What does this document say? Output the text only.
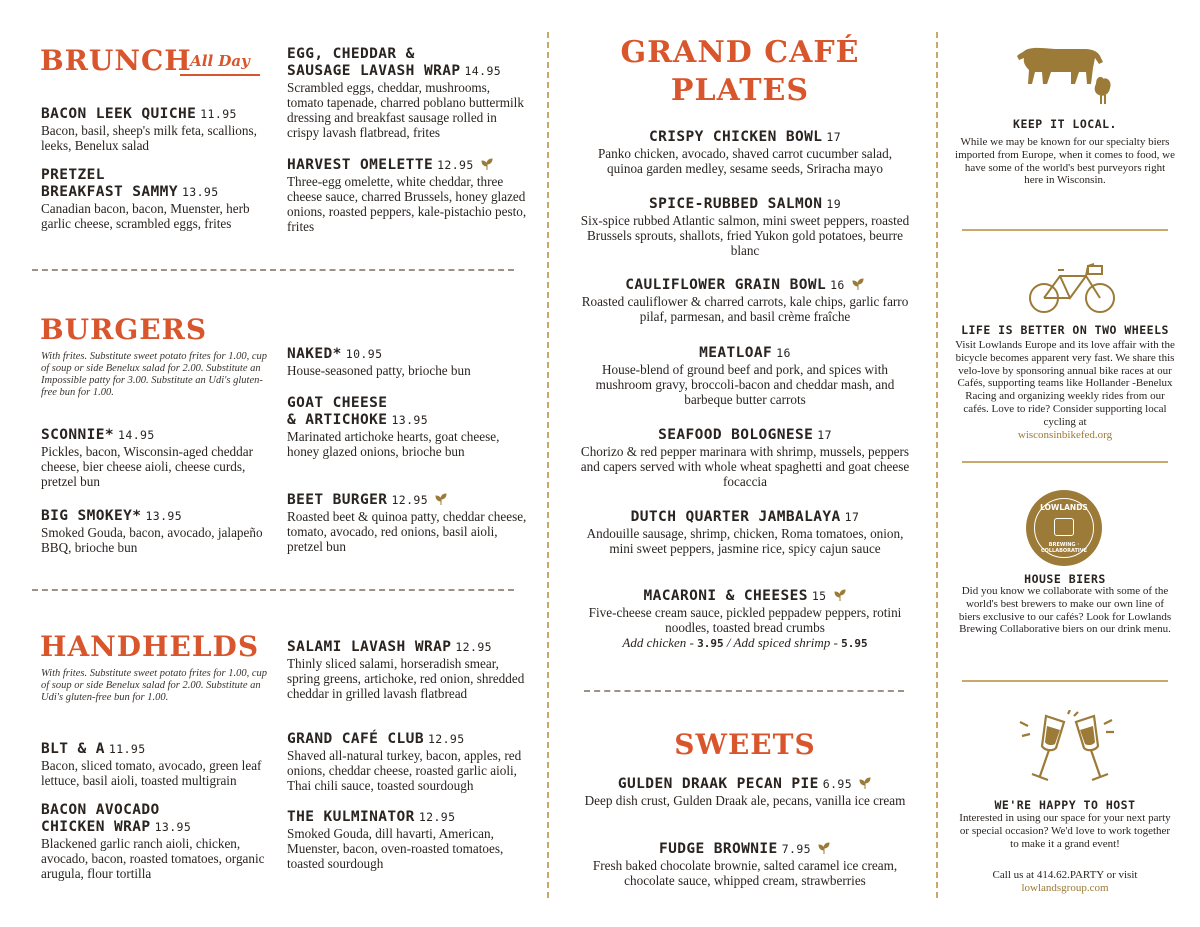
BRUNCH
All Day
BACON LEEK QUICHE 11.95
Bacon, basil, sheep's milk feta, scallions, leeks, Benelux salad
PRETZEL
BREAKFAST SAMMY 13.95
Canadian bacon, bacon, Muenster, herb garlic cheese, scrambled eggs, frites
EGG, CHEDDAR &
SAUSAGE LAVASH WRAP 14.95
Scrambled eggs, cheddar, mushrooms, tomato tapenade, charred poblano buttermilk dressing and breakfast sausage rolled in crispy lavash flatbread, frites
HARVEST OMELETTE 12.95
Three-egg omelette, white cheddar, three cheese sauce, charred Brussels, honey glazed onions, roasted peppers, kale-pistachio pesto, frites
BURGERS
With frites. Substitute sweet potato frites for 1.00, cup of soup or side Benelux salad for 2.00. Substitute an Impossible patty for 3.00. Substitute an Udi's gluten-free bun for 1.00.
SCONNIE* 14.95
Pickles, bacon, Wisconsin-aged cheddar cheese, bier cheese aioli, cheese curds, pretzel bun
BIG SMOKEY* 13.95
Smoked Gouda, bacon, avocado, jalapeño BBQ, brioche bun
NAKED* 10.95
House-seasoned patty, brioche bun
GOAT CHEESE
& ARTICHOKE 13.95
Marinated artichoke hearts, goat cheese, honey glazed onions, brioche bun
BEET BURGER 12.95
Roasted beet & quinoa patty, cheddar cheese, tomato, avocado, red onions, basil aioli, pretzel bun
HANDHELDS
With frites. Substitute sweet potato frites for 1.00, cup of soup or side Benelux salad for 2.00. Substitute an Udi's gluten-free bun for 1.00.
BLT & A 11.95
Bacon, sliced tomato, avocado, green leaf lettuce, basil aioli, toasted multigrain
BACON AVOCADO
CHICKEN WRAP 13.95
Blackened garlic ranch aioli, chicken, avocado, bacon, roasted tomatoes, organic arugula, flour tortilla
SALAMI LAVASH WRAP 12.95
Thinly sliced salami, horseradish smear, spring greens, artichoke, red onion, shredded cheddar in grilled lavash flatbread
GRAND CAFÉ CLUB 12.95
Shaved all-natural turkey, bacon, apples, red onions, cheddar cheese, roasted garlic aioli, Thai chili sauce, toasted sourdough
THE KULMINATOR 12.95
Smoked Gouda, dill havarti, American, Muenster, bacon, oven-roasted tomatoes, toasted sourdough
GRAND CAFÉ
PLATES
CRISPY CHICKEN BOWL 17
Panko chicken, avocado, shaved carrot cucumber salad, quinoa garden medley, sesame seeds, Sriracha mayo
SPICE-RUBBED SALMON 19
Six-spice rubbed Atlantic salmon, mini sweet peppers, roasted Brussels sprouts, shallots, fried Yukon gold potatoes, beurre blanc
CAULIFLOWER GRAIN BOWL 16
Roasted cauliflower & charred carrots, kale chips, garlic farro pilaf, parmesan, and basil crème fraîche
MEATLOAF 16
House-blend of ground beef and pork, and spices with mushroom gravy, broccoli-bacon and cheddar mash, and barbeque butter carrots
SEAFOOD BOLOGNESE 17
Chorizo & red pepper marinara with shrimp, mussels, peppers and capers served with whole wheat spaghetti and goat cheese focaccia
DUTCH QUARTER JAMBALAYA 17
Andouille sausage, shrimp, chicken, Roma tomatoes, onion, mini sweet peppers, jasmine rice, spicy cajun sauce
MACARONI & CHEESES 15
Five-cheese cream sauce, pickled peppadew peppers, rotini noodles, toasted bread crumbs
Add chicken - 3.95 / Add spiced shrimp - 5.95
SWEETS
GULDEN DRAAK PECAN PIE 6.95
Deep dish crust, Gulden Draak ale, pecans, vanilla ice cream
FUDGE BROWNIE 7.95
Fresh baked chocolate brownie, salted caramel ice cream, chocolate sauce, whipped cream, strawberries
KEEP IT LOCAL.
While we may be known for our specialty biers imported from Europe, when it comes to food, we have some of the world's best purveyors right here in Wisconsin.
LIFE IS BETTER ON TWO WHEELS
Visit Lowlands Europe and its love affair with the bicycle becomes apparent very fast. We share this velo-love by sponsoring annual bike races at our Cafés, supporting teams like Hollander -Benelux Racing and organizing weekly rides from our cafés. Love to ride? Consider supporting local cycling at
wisconsinbikefed.org
LOWLANDS
BREWING · COLLABORATIVE
HOUSE BIERS
Did you know we collaborate with some of the world's best brewers to make our own line of biers exclusive to our cafés? Look for Lowlands Brewing Collaborative biers on our drink menu.
WE'RE HAPPY TO HOST
Interested in using our space for your next party or special occasion? We'd love to work together to make it a grand event!
Call us at 414.62.PARTY or visit
lowlandsgroup.com
